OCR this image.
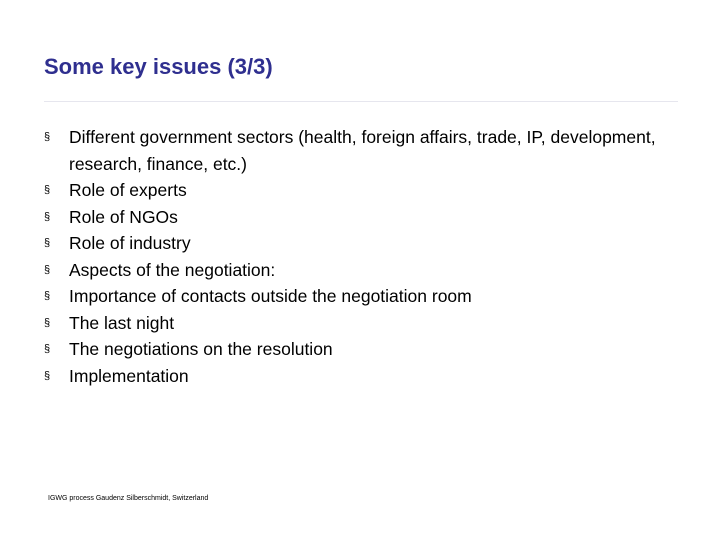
Some key issues (3/3)
§	Different government sectors (health, foreign affairs, trade, IP, development, research, finance, etc.)
§	Role of experts
§	Role of NGOs
§	Role of industry
§	Aspects of the negotiation:
§	Importance of contacts outside the negotiation room
§	The last night
§	The negotiations on the resolution
§	Implementation
IGWG process Gaudenz Silberschmidt, Switzerland
